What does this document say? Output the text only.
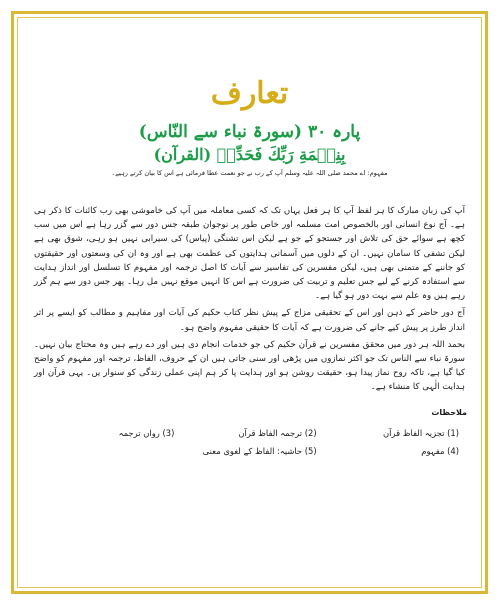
تعارف
پارہ ۳۰ (سورۃ نباء سے النّاس)
بِنِعۡمَةِ رَبِّكَ فَحَدِّثۡ (القرآن)
مفہوم: اے محمد صلی اللہ علیہ وسلم آپ کے رب نے جو نعمت عطا فرمائی ہے اس کا بیان کرتے رہیے۔

آپ کی زبان مبارک کا ہر لفظ آپ کا ہر فعل یہاں تک کہ کسی معاملہ میں آپ کی خاموشی بھی رب کائنات کا ذکر ہی ہے۔ آج نوع انسانی اور بالخصوص امت مسلمہ اور خاص طور پر نوجوان طبقہ جس دور سے گزر رہا ہے اس میں سب کچھ ہے سوائے حق کی تلاش اور جستجو کے جو ہے لیکن اس تشنگی (پیاس) کی سیرابی نہیں ہو رہی، شوق بھی ہے لیکن تشفی کا سامان نہیں۔ ان کے دلوں میں آسمانی ہدایتوں کی عظمت بھی ہے اور وہ ان کی وسعتوں اور حقیقتوں کو جاننے کے متمنی بھی ہیں، لیکن مفسرین کی تفاسیر سے آیات کا اصل ترجمہ اور مفہوم کا تسلسل اور انداز ہدایت سے استفادہ کرنے کے لیے جس تعلیم و تربیت کی ضرورت ہے اس کا انہیں موقع نہیں مل رہا۔ پھر جس دور سے ہم گزر رہے ہیں وہ علم سے بہت دور ہو گیا ہے۔

آج دور حاضر کے ذہن اور اس کے تحقیقی مزاج کے پیش نظر کتاب حکیم کی آیات اور مفاہیم و مطالب کو ایسے پر اثر انداز طرز پر پیش کیے جانے کی ضرورت ہے کہ آیات کا حقیقی مفہوم واضح ہو۔

بحمد اللہ ہر دور میں محقق مفسرین نے قرآن حکیم کی جو خدمات انجام دی ہیں اور دے رہے ہیں وہ محتاج بیان نہیں۔ سورۃ نباء سے الناس تک جو اکثر نمازوں میں پڑھی اور سنی جاتی ہیں ان کے حروف، الفاظ، ترجمہ اور مفہوم کو واضح کیا گیا ہے، تاکہ روح نماز پیدا ہو، حقیقت روشن ہو اور ہدایت پا کر ہم اپنی عملی زندگی کو سنوار یں۔ یہی قرآن اور ہدایت الٰہی کا منشاء ہے۔

ملاحظات
(1) تجزیہ الفاظ قرآن
(2) ترجمہ الفاظ قرآن
(3) رواں ترجمہ
(4) مفہوم
(5) حاشیہ: الفاظ کے لغوی معنی
